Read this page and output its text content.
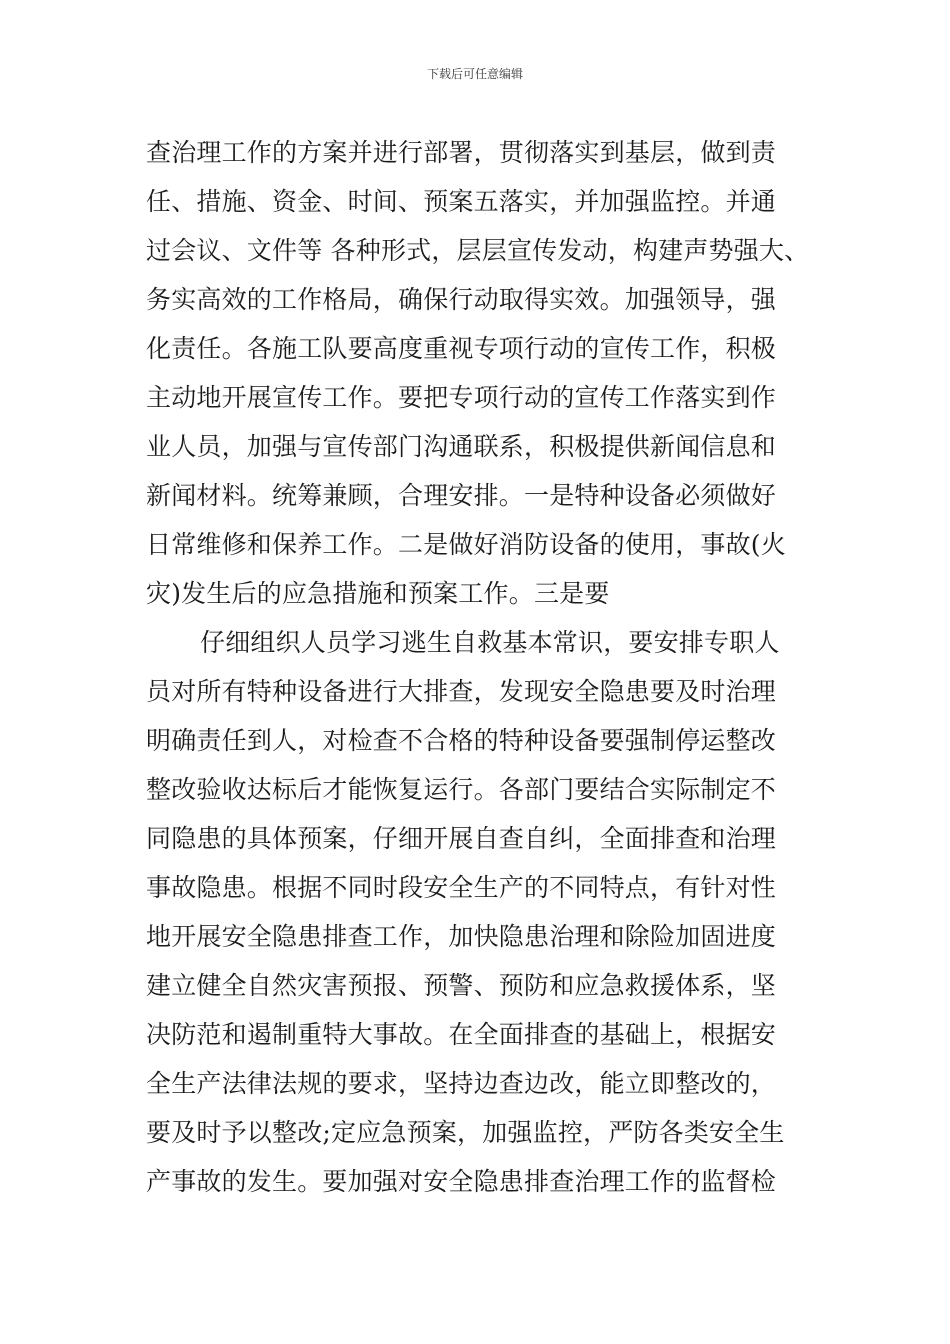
下载后可任意编辑
查治理工作的方案并进行部署，贯彻落实到基层，做到责
任、措施、资金、时间、预案五落实，并加强监控。并通
过会议、文件等 各种形式，层层宣传发动，构建声势强大、
务实高效的工作格局，确保行动取得实效。加强领导，强
化责任。各施工队要高度重视专项行动的宣传工作，积极
主动地开展宣传工作。要把专项行动的宣传工作落实到作
业人员，加强与宣传部门沟通联系，积极提供新闻信息和
新闻材料。统筹兼顾，合理安排。一是特种设备必须做好
日常维修和保养工作。二是做好消防设备的使用，事故(火
灾)发生后的应急措施和预案工作。三是要
仔细组织人员学习逃生自救基本常识，要安排专职人
员对所有特种设备进行大排查，发现安全隐患要及时治理
明确责任到人，对检查不合格的特种设备要强制停运整改
整改验收达标后才能恢复运行。各部门要结合实际制定不
同隐患的具体预案，仔细开展自查自纠，全面排查和治理
事故隐患。根据不同时段安全生产的不同特点，有针对性
地开展安全隐患排查工作，加快隐患治理和除险加固进度
建立健全自然灾害预报、预警、预防和应急救援体系，坚
决防范和遏制重特大事故。在全面排查的基础上，根据安
全生产法律法规的要求，坚持边查边改，能立即整改的，
要及时予以整改;定应急预案，加强监控，严防各类安全生
产事故的发生。要加强对安全隐患排查治理工作的监督检
